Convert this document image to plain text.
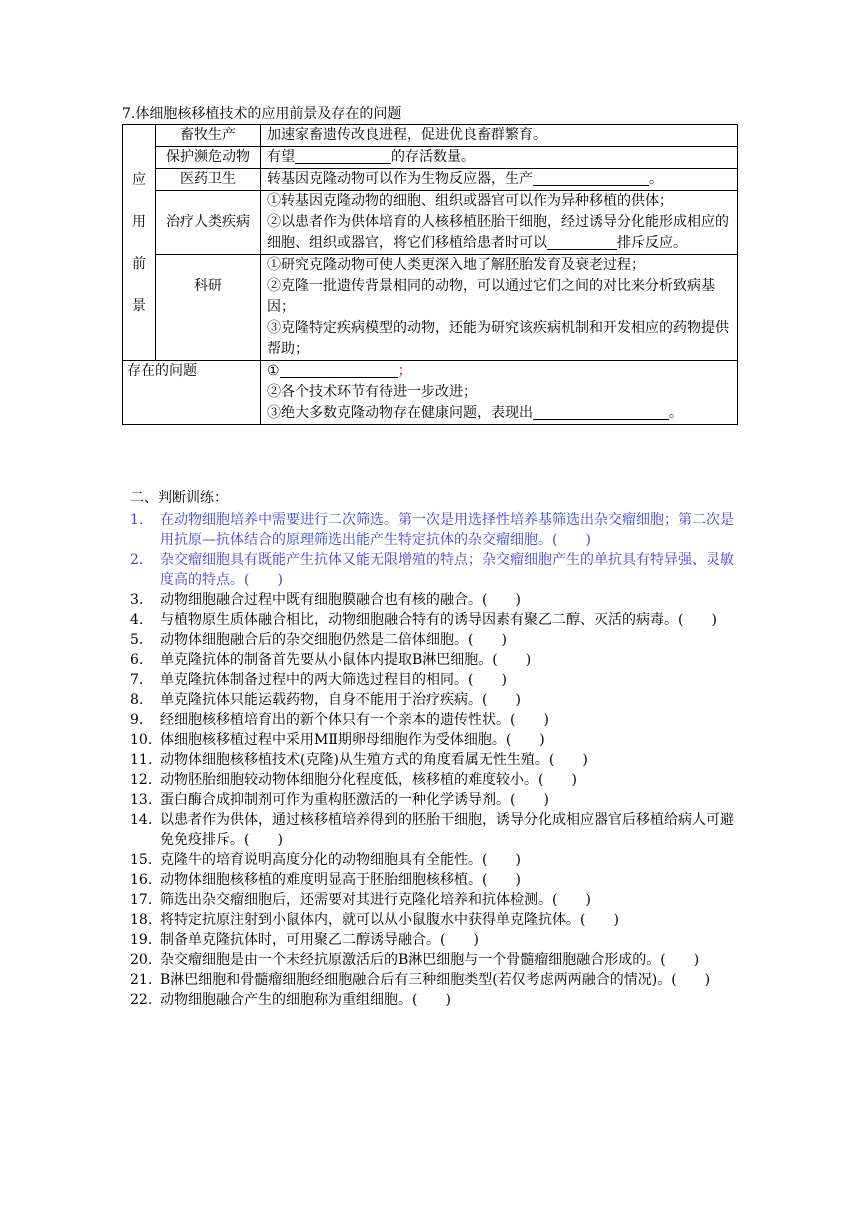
7.体细胞核移植技术的应用前景及存在的问题

应
用
前
景	畜牧生产	加速家畜遗传改良进程，促进优良畜群繁育。
	保护濒危动物	有望 的存活数量。
	医药卫生	转基因克隆动物可以作为生物反应器，生产 。
	治疗人类疾病	①转基因克隆动物的细胞、组织或器官可以作为异种移植的供体；
②以患者作为供体培育的人核移植胚胎干细胞，经过诱导分化能形成相应的细胞、组织或器官，将它们移植给患者时可以 排斥反应。

	科研	①研究克隆动物可使人类更深入地了解胚胎发育及衰老过程；
②克隆一批遗传背景相同的动物，可以通过它们之间的对比来分析致病基因；
③克隆特定疾病模型的动物，还能为研究该疾病机制和开发相应的药物提供帮助；

存在的问题		① ；
②各个技术环节有待进一步改进；
③绝大多数克隆动物存在健康问题，表现出 。
二、判断训练：
1.	在动物细胞培养中需要进行二次筛选。第一次是用选择性培养基筛选出杂交瘤细胞；第二次是用抗原—抗体结合的原理筛选出能产生特定抗体的杂交瘤细胞。(　　)
2.	杂交瘤细胞具有既能产生抗体又能无限增殖的特点；杂交瘤细胞产生的单抗具有特异强、灵敏度高的特点。(　　)
3.	动物细胞融合过程中既有细胞膜融合也有核的融合。(　　)
4.	与植物原生质体融合相比，动物细胞融合特有的诱导因素有聚乙二醇、灭活的病毒。(　　)
5.	动物体细胞融合后的杂交细胞仍然是二倍体细胞。(　　)
6.	单克隆抗体的制备首先要从小鼠体内提取B淋巴细胞。(　　)
7.	单克隆抗体制备过程中的两大筛选过程目的相同。(　　)
8.	单克隆抗体只能运载药物，自身不能用于治疗疾病。(　　)
9.	经细胞核移植培育出的新个体只有一个亲本的遗传性状。(　　)
10. 体细胞核移植过程中采用MⅡ期卵母细胞作为受体细胞。(　　)
11. 动物体细胞核移植技术(克隆)从生殖方式的角度看属无性生殖。(　　)
12. 动物胚胎细胞较动物体细胞分化程度低，核移植的难度较小。(　　)
13. 蛋白酶合成抑制剂可作为重构胚激活的一种化学诱导剂。(　　)
14. 以患者作为供体，通过核移植培养得到的胚胎干细胞，诱导分化成相应器官后移植给病人可避免免疫排斥。(　　)
15. 克隆牛的培育说明高度分化的动物细胞具有全能性。(　　)
16. 动物体细胞核移植的难度明显高于胚胎细胞核移植。(　　)
17. 筛选出杂交瘤细胞后，还需要对其进行克隆化培养和抗体检测。(　　)
18. 将特定抗原注射到小鼠体内，就可以从小鼠腹水中获得单克隆抗体。(　　)
19. 制备单克隆抗体时，可用聚乙二醇诱导融合。(　　)
20. 杂交瘤细胞是由一个未经抗原激活后的B淋巴细胞与一个骨髓瘤细胞融合形成的。(　　)
21. B淋巴细胞和骨髓瘤细胞经细胞融合后有三种细胞类型(若仅考虑两两融合的情况)。(　　)
22. 动物细胞融合产生的细胞称为重组细胞。(　　)
